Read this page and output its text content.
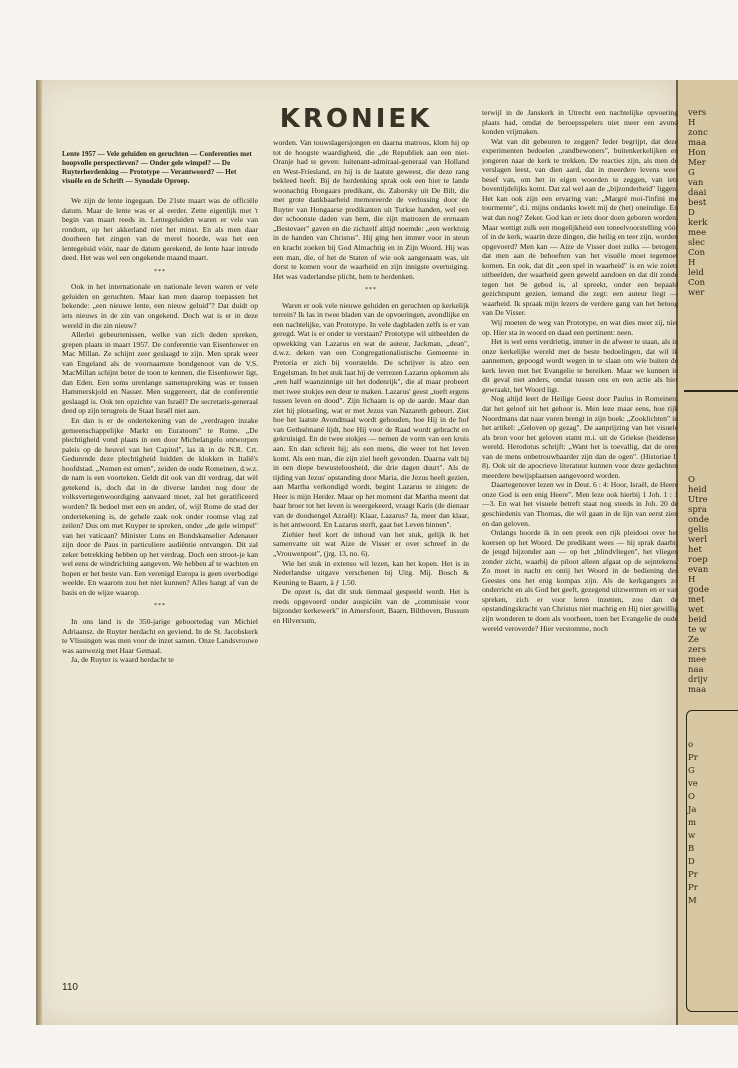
vers
H
zonc
maa
Hon
Mer
G
van
daai
best
D
kerk
mee
slec
Con
H
leid
Con
wer
O
heid
Utre
spra
onde
gelis
werl
het
roep
evan
H
gode
met
wet
beid
te w
Ze
zers
mee
naa
drijv
maa
o
Pr
G
ve
O
Ja
m
w
B
D
Pr
Pr
M
KRONIEK
Lente 1957 — Vele geluiden en geruchten — Conferenties met hoopvolle perspectieven? — Onder gele wimpel? — De Ruyterherdenking — Prototype — Verantwoord? — Het visuële en de Schrift — Synodale Oproep.

We zijn de lente ingegaan. De 21ste maart was de officiële datum. Maar de lente was er al eerder. Zette eigenlijk met 't begin van maart reeds in. Lentegeluiden waren er vele van rondom, op het akkerland niet het minst. En als men daar doorheen het zingen van de merel hoorde, was het een lentegeluid vóór, naar de datum gerekend, de lente haar intrede deed. Het was wel een ongekende maand maart.

***

Ook in het internationale en nationale leven waren er vele geluiden en geruchten. Maar kan men daarop toepassen het bekende: „een nieuwe lente, een nieuw geluid"? Dat duidt op iets nieuws in de zin van ongekend. Doch wat is er in deze wereld in die zin nieuw?

Allerlei gebeurtenissen, welke van zich deden spreken, grepen plaats in maart 1957. De conferentie van Eisenhower en Mac Millan. Ze schijnt zeer geslaagd te zijn. Men sprak weer van Engeland als de voornaamste bondgenoot van de V.S. MacMillan schijnt beter de toon te kennen, die Eisenhower ligt, dan Eden. Een soms urenlange samenspreking was er tussen Hammerskjold en Nasser. Men suggereert, dat de conferentie geslaagd is. Ook ten opzichte van Israël? De secretaris-generaal deed op zijn terugreis de Staat Israël niet aan.

En dan is er de ondertekening van de „verdragen inzake gemeenschappelijke Markt en Euratoom" te Rome. „De plechtigheid vond plaats in een door Michelangelo ontworpen paleis op de heuvel van het Capitol", las ik in de N.R. Crt. Gedurende deze plechtigheid luidden de klokken in Italië's hoofdstad. „Nomen est omen", zeiden de oude Romeinen, d.w.z. de nam is een voorteken. Geldt dit ook van dit verdrag, dat wèl getekend is, doch dat in de diverse landen nog door de volksvertegenwoordiging aanvaard moet, zal het geratificeerd worden? Ik bedoel met een en ander, of, wijl Rome de stad der ondertekening is, de gehele zaak ook onder roomse vlag zal zeilen? Dus om met Kuyper te spreken, onder „de gele wimpel" van het vaticaan? Minister Luns en Bondskanselier Adenauer zijn door de Paus in particuliere audiëntie ontvangen. Dit zal zeker betrekking hebben op het verdrag. Doch een stroot-je kan wel eens de windrichting aangeven. We hebben af te wachten en hopen er het beste van. Een verenigd Europa is geen overbodige weelde. En waarom zou het niet kunnen? Alles hangt af van de basis en de wijze waarop.

***

In ons land is de 350-jarige geboortedag van Michiel Adriaansz. de Ruyter herdacht en geviend. In de St. Jacobskerk te Vlissingen was men voor de inzet samen. Onze Landsvrouwe was aanwezig met Haar Gemaal.

Ja, de Ruyter is waard herdacht te

worden. Van touwslagersjongen en daarna matroos, klom hij op tot de hoogste waardigheid, die „de Republiek aan een niet-Oranje had te geven: luitenant-admiraal-generaal van Holland en West-Friesland, en hij is de laatste geweest, die deze rang bekleed heeft. Bij de herdenking sprak ook een hier te lande woonachtig Hongaars predikant, ds. Zaborsky uit De Bilt, die met grote dankbaarheid memoreerde de verlossing door de Ruyter van Hongaarse predikanten uit Turkse handen, wel een der schoonste daden van hem, die zijn matrozen de erenaam „Bestevaer" gaven en die zichzelf altijd noemde: „een werktuig in de handen van Christus". Hij ging hen immer voor in steun en kracht zoeken bij God Almachtig en in Zijn Woord. Hij was een man, die, of het de Staten of wie ook aangenaam was, uit dorst te komen voor de waarheid en zijn innigste overtuiging. Het was vaderlandse plicht, hem te herdenken.

***

Waren er ook vele nieuwe geluiden en geruchten op kerkelijk terrein? Ik las in twee bladen van de opvoeringen, avondlijke en een nachtelijke, van Prototype. In vele dagbladen zelfs is er van geregd. Wat is er onder te verstaan? Prototype wil uitbeelden de opwekking van Lazarus en wat de auteur, Jackman, „dean", d.w.z. deken van een Congregationalistische Gemeente in Pretoria er zich bij voorstelde. De schrijver is alzo een Engelsman. In het stuk laat hij de verrezen Lazarus opkomen als „een half waanzinnige uit het dodenrijk", die al maar probeert met twee stokjes een deur te maken. Lazarus' geest „toeft ergens tussen leven en dood". Zijn lichaam is op de aarde. Maar dan ziet hij plotseling, wat er met Jezus van Nazareth gebeurt. Ziet hoe het laatste Avondmaal wordt gehouden, hoe Hij in de hof van Gethsémané lijdt, hoe Hij voor de Raad wordt gebracht en gekruisigd. En de twee stokjes — nemen de vorm van een kruis aan. En dan schreit hij; als een mens, die weer tot het leven komt. Als een man, die zijn ziel heeft gevonden. Daarna valt hij in een diepe bewusteloosheid, die drie dagen duurt". Als de tijding van Jezus' opstanding door Maria, die Jezus heeft gezien, aan Martha verkondigd wordt, begint Lazarus te zingen: de Heer is mijn Herder. Maar op het moment dat Martha meent dat haar broer tot het leven is weergekeerd, vraagt Karis (de dienaar van de doodsengel Azraël): Klaar, Lazarus? Ja, meer dan klaar, is het antwoord. En Lazarus sterft, gaat het Leven binnen".

Ziehier heel kort de inhoud van het stuk, gelijk ik het samenvatte uit wat Aize de Visser er over schreef in de „Vrouwenpost", (jrg. 13, no. 6).

Wie het stuk in extenso wil lezen, kan het kopen. Het is in Nederlandse uitgave verschenen bij Uitg. Mij. Bosch & Keuning te Baarn, à ƒ 1.50.

De opzet is, dat dit stuk tienmaal gespeeld wordt. Het is reeds opgevoerd onder auspiciën van de „commissie voor bijzonder kerkewerk" in Amersfoort, Baarn, Bilthoven, Bussum en Hilversum,

terwijl in de Janskerk in Utrecht een nachtelijke opvoering plaats had, omdat de beroepsspelers niet meer een avond konden vrijmaken.

Wat van dit gebeuren te zeggen? Ieder begrijpt, dat deze experimenten bedoelen „randbewoners", buitenkerkelijken en jongeren naar de kerk te trekken. De reacties zijn, als men de verslagen leest, van dien aard, dat in meerdere levens weer besef van, om het in eigen woorden te zeggen, van iets boventijdelijks komt. Dat zal wel aan de „bijzonderheid" liggen. Het kan ook zijn een ervaring van: „Margré moi-l'infini me tourmente", d.i. mijns ondanks kwelt mij de (het) oneindige. En wat dan nog? Zeker. God kan er iets door doen geboren worden. Maar wettigt zulk een mogelijkheid een toneelvoorstelling vóór of in de kerk, waarin deze dingen, die heilig en teer zijn, worden opgevoerd? Men kan — Aize de Visser doet zulks — betogen, dat men aan de behoeften van het visuële moet tegemoet komen. En ook, dat dit „een spel in waarheid" is en wie zoiets uitbeelden, der waarheid geen geweld aandoen en dat dit zonde tegen het 9e gebod is, al spreekt, onder een bepaald gezichtspunt gezien, iemand die zegt: een auteur liegt — waarheid. Ik spraak mijn lezers de verdere gang van het betoog van De Visser.

Wij moeten de weg van Prototype, en wat dies meer zij, niet op. Hier sta in woord en daad een pertinent: neen.

Het is wel eens verdrietig, immer in de afweer te staan, als in onze kerkelijke wereld met de beste bedoelingen, dat wil ik aannemen, gepoogd wordt wegen in te slaan om wie buiten de kerk leven met het Evangelie te bereiken. Maar we kunnen in dit geval niet anders, omdat tussen ons en een actie als hier gewraakt, het Woord ligt.

Nog altijd leert de Heilige Geest door Paulus in Romeinen, dat het geloof uit het gehoor is. Men leze maar eens, hoe rijk Noordmans dat naar voren brengt in zijn boek: „Zooklichten" in het artikel: „Geloven op gezag". De aanprijzing van het visuele als bron voor het geloven stamt m.i. uit de Griekse (heidense) wereld. Herodotus schrijft: „Want het is toevallig, dat de oren van de mens onbetrouwbaarder zijn dan de ogen". (Historiae I: 8). Ook uit de apocrieve literatuur kunnen voor deze gedachten meerdere bewijsplaatsen aangevoerd worden.

Daartegenover lezen we in Deut. 6 : 4: Hoor, Israël, de Heere onze God is een enig Heere". Men leze ook hierbij 1 Joh. 1 : 1—3. En wat het visuele betreft staat nog steeds in Joh. 20 de geschiedenis van Thomas, die wil gaan in de lijn van eerst zien en dan geloven.

Onlangs hoorde ik in een preek een rijk pleidooi over het koersen op het Woord. De predikant wees — hij sprak daarbij de jeugd bijzonder aan — op het „blindvliegen", het vliegen zonder zicht, waarbij de piloot alleen afgaat op de sejntekens. Zo moet in nacht en ontij het Woord in de bediening des Geestes ons het enig kompas zijn. Als de kerkgangers zo onderricht en als God het geeft, gezegend uitzwermen en er van spreken, zich er voor leren inzetten, zou dan de opstandingskracht van Christus niet machtig en Hij niet gewillig zijn wonderen te doen als voorheen, toen het Evangelie de oude wereld veroverde? Hier verstomme, noch

110
